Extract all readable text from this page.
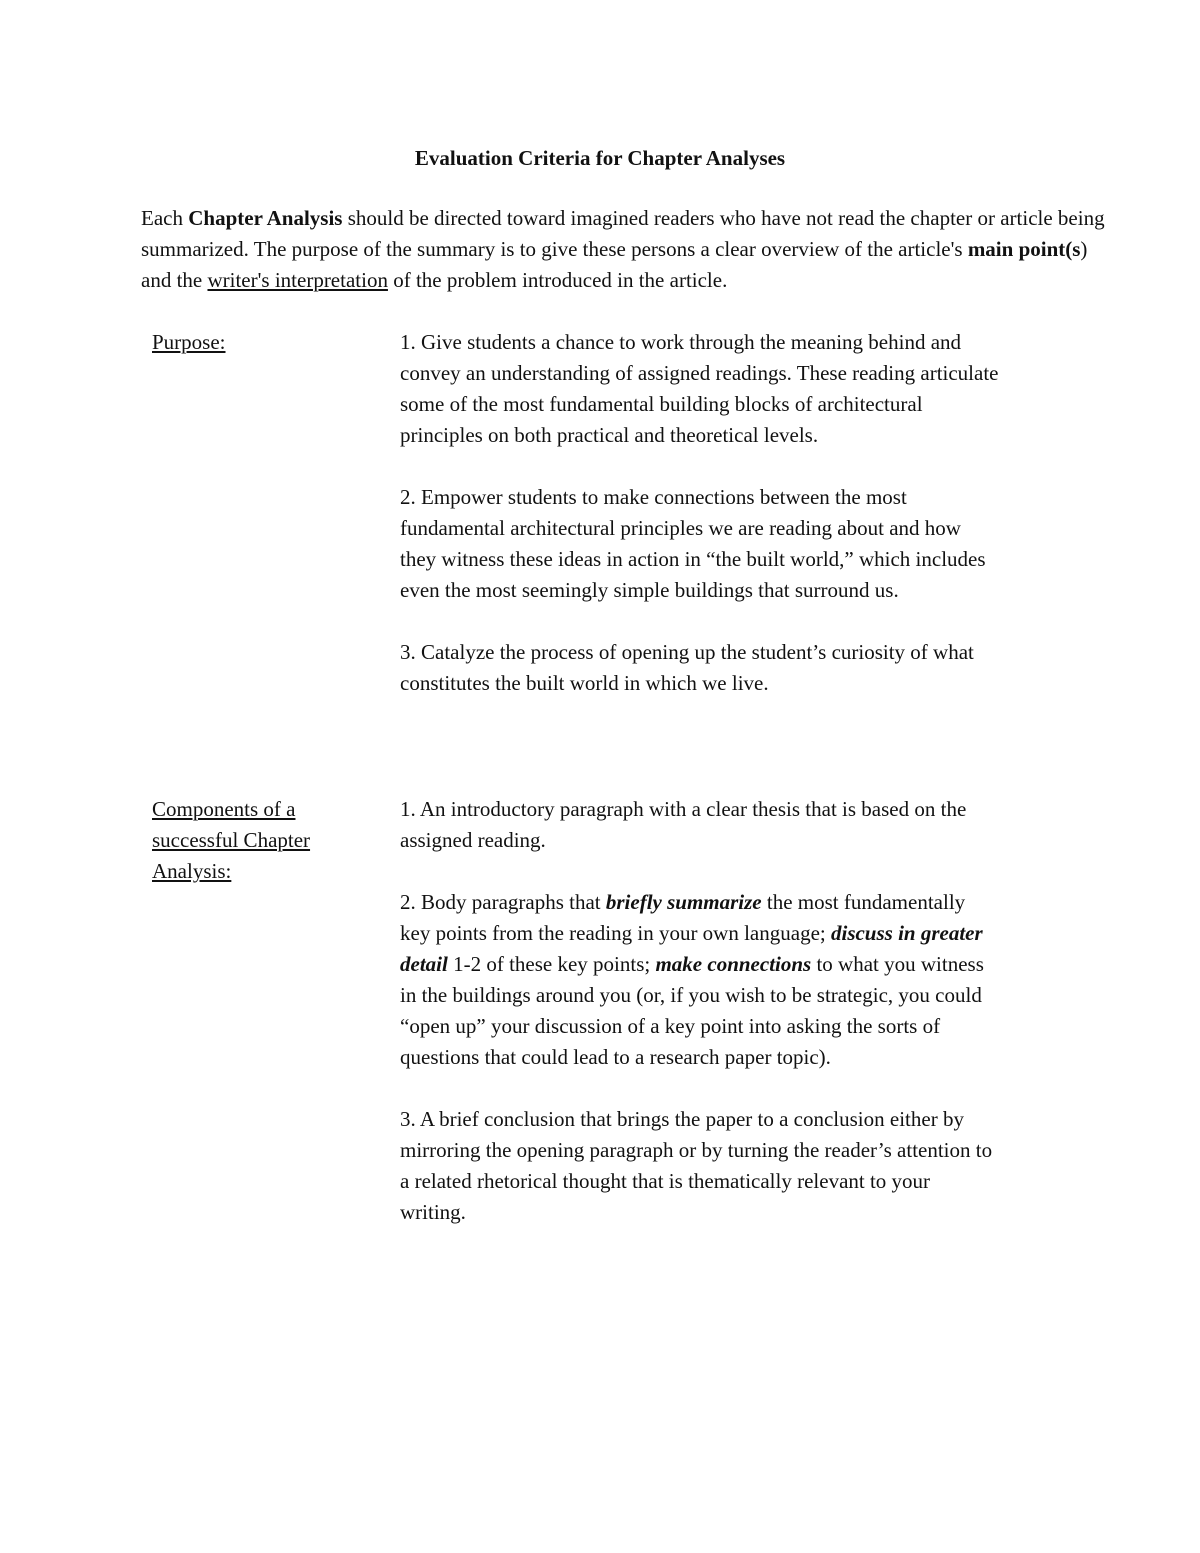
Evaluation Criteria for Chapter Analyses

Each Chapter Analysis should be directed toward imagined readers who have not read the chapter or article being summarized. The purpose of the summary is to give these persons a clear overview of the article's main point(s) and the writer's interpretation of the problem introduced in the article.

Purpose:	1. Give students a chance to work through the meaning behind and convey an understanding of assigned readings. These reading articulate some of the most fundamental building blocks of architectural principles on both practical and theoretical levels.

2. Empower students to make connections between the most fundamental architectural principles we are reading about and how they witness these ideas in action in “the built world,” which includes even the most seemingly simple buildings that surround us.

3. Catalyze the process of opening up the student’s curiosity of what constitutes the built world in which we live.

Components of a successful Chapter Analysis:

1. An introductory paragraph with a clear thesis that is based on the assigned reading.

2. Body paragraphs that briefly summarize the most fundamentally key points from the reading in your own language; discuss in greater detail 1-2 of these key points; make connections to what you witness in the buildings around you (or, if you wish to be strategic, you could “open up” your discussion of a key point into asking the sorts of questions that could lead to a research paper topic).

3. A brief conclusion that brings the paper to a conclusion either by mirroring the opening paragraph or by turning the reader’s attention to a related rhetorical thought that is thematically relevant to your writing.
